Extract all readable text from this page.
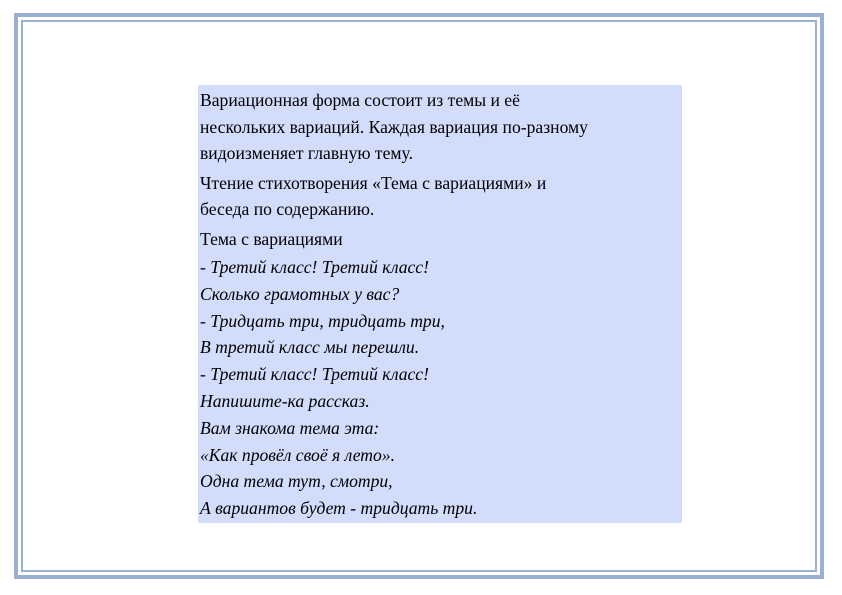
Вариационная форма состоит из темы и её
нескольких вариаций. Каждая вариация по-разному
видоизменяет главную тему.

Чтение стихотворения «Тема с вариациями» и
беседа по содержанию.

Тема с вариациями

- Третий класс! Третий класс!
Сколько грамотных у вас?
- Тридцать три, тридцать три,
В третий класс мы перешли.
- Третий класс! Третий класс!
Напишите-ка рассказ.
Вам знакома тема эта:
«Как провёл своё я лето».
Одна тема тут, смотри,
А вариантов будет - тридцать три.
